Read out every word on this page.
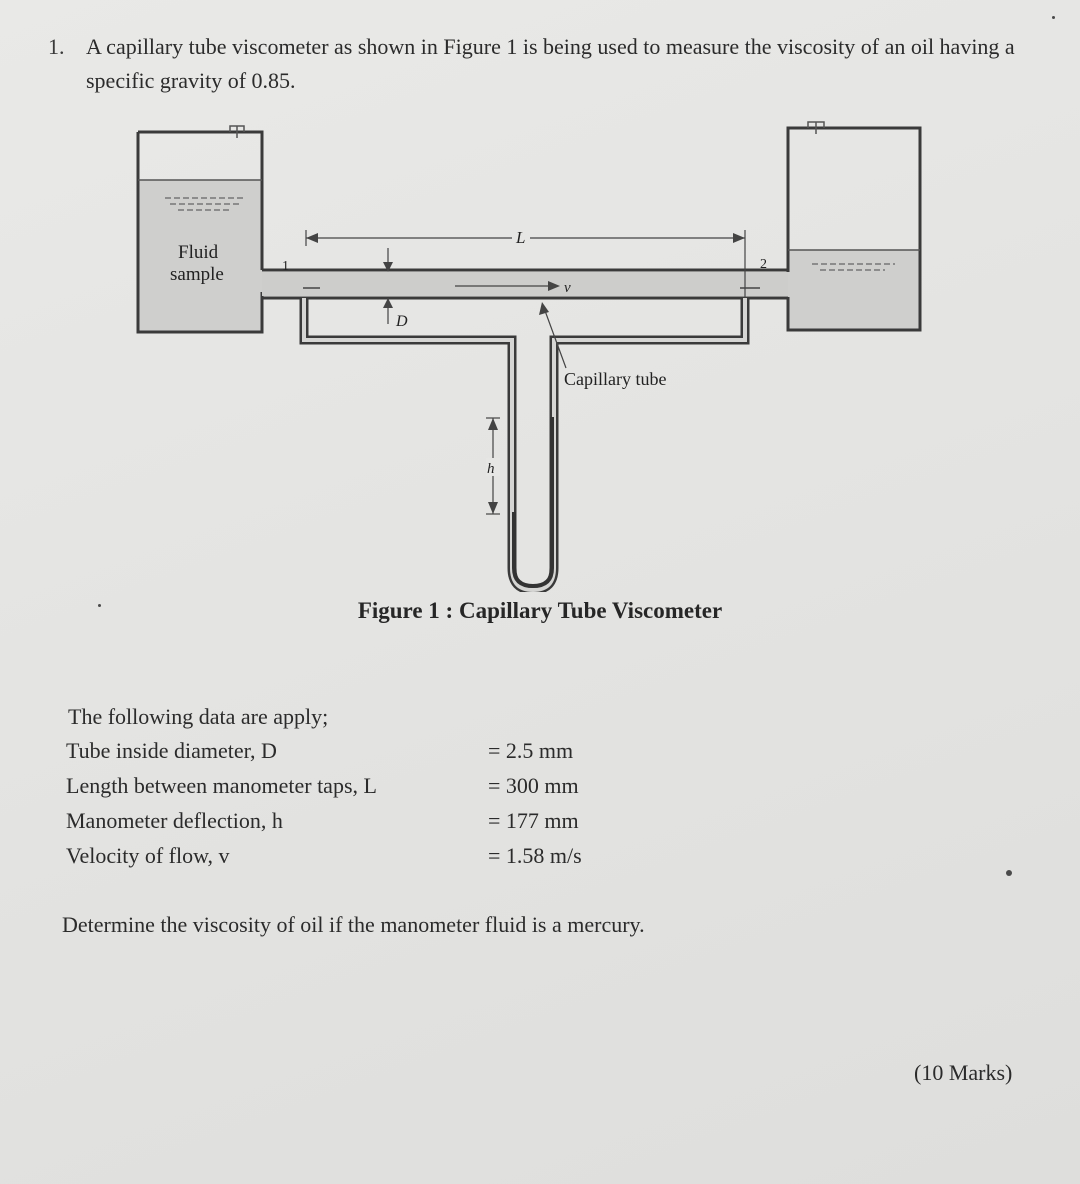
1. A capillary tube viscometer as shown in Figure 1 is being used to measure the viscosity of an oil having a specific gravity of 0.85.
Fluid
sample	1	2
L
D
v
Capillary tube
h
Figure 1 : Capillary Tube Viscometer
The following data are apply;
Tube inside diameter, D	= 2.5 mm
Length between manometer taps, L	= 300 mm
Manometer deflection, h	= 177 mm
Velocity of flow, v	= 1.58 m/s
Determine the viscosity of oil if the manometer fluid is a mercury.
(10 Marks)
